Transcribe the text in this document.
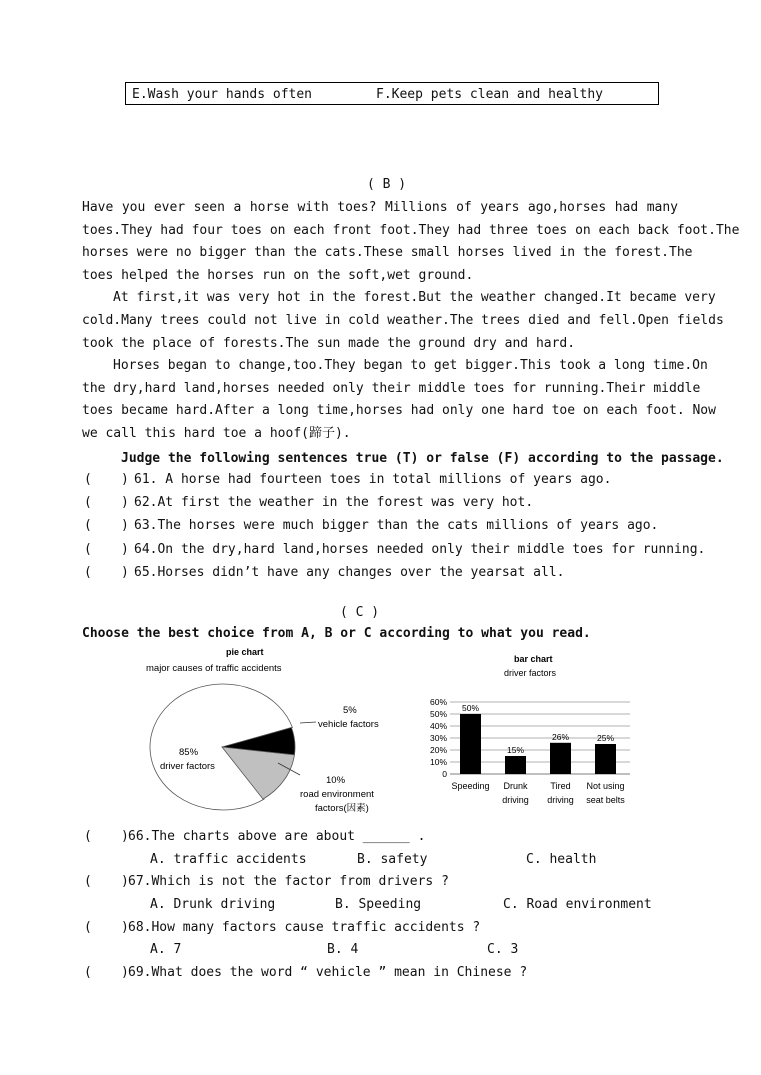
E.Wash your hands often	F.Keep pets clean and healthy
( B )
Have you ever seen a horse with toes? Millions of years ago,horses had many
toes.They had four toes on each front foot.They had three toes on each back foot.The
horses were no bigger than the cats.These small horses lived in the forest.The
toes helped the horses run on the soft,wet ground.
At first,it was very hot in the forest.But the weather changed.It became very
cold.Many trees could not live in cold weather.The trees died and fell.Open fields
took the place of forests.The sun made the ground dry and hard.
Horses began to change,too.They began to get bigger.This took a long time.On
the dry,hard land,horses needed only their middle toes for running.Their middle
toes became hard.After a long time,horses had only one hard toe on each foot. Now
we call this hard toe a hoof(蹄子).
Judge the following sentences true (T) or false (F) according to the passage.
( ) 61. A horse had fourteen toes in total millions of years ago.
( ) 62.At first the weather in the forest was very hot.
( ) 63.The horses were much bigger than the cats millions of years ago.
( ) 64.On the dry,hard land,horses needed only their middle toes for running.
( ) 65.Horses didn’t have any changes over the yearsat all.
( C )
Choose the best choice from A, B or C according to what you read.
pie chart
major causes of traffic accidents
85%
driver factors
5%
vehicle factors
10%
road environment
factors(因素)
bar chart
driver factors
0
10%
20%
30%
40%
50%
60%
50%
Speeding
15%
Drunk
driving
26%
Tired
driving
25%
Not using
seat belts
( ) 66.The charts above are about ______ .
A. traffic accidents	B. safety	C. health
( ) 67.Which is not the factor from drivers ?
A. Drunk driving	B. Speeding	C. Road environment
( ) 68.How many factors cause traffic accidents ?
A. 7	B. 4	C. 3
( ) 69.What does the word “ vehicle ” mean in Chinese ?
